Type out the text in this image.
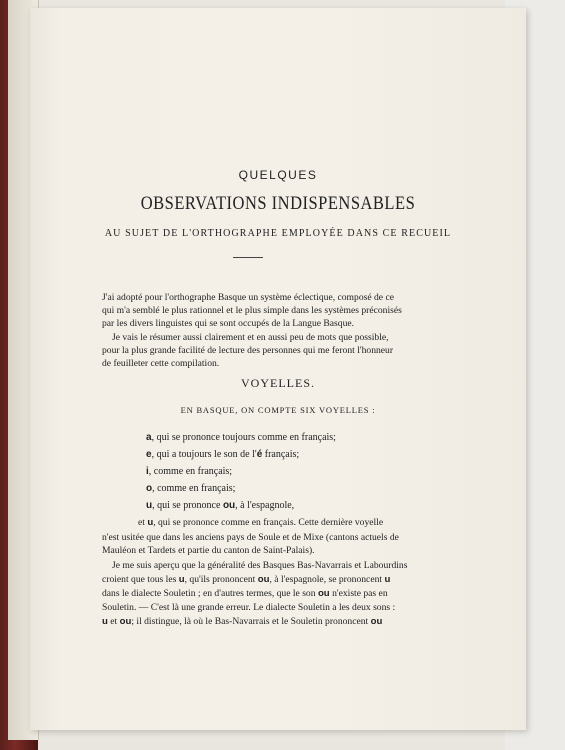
QUELQUES
OBSERVATIONS INDISPENSABLES
AU SUJET DE L'ORTHOGRAPHE EMPLOYÉE DANS CE RECUEIL
J'ai adopté pour l'orthographe Basque un système éclectique, composé de ce
qui m'a semblé le plus rationnel et le plus simple dans les systèmes préconisés
par les divers linguistes qui se sont occupés de la Langue Basque.
Je vais le résumer aussi clairement et en aussi peu de mots que possible,
pour la plus grande facilité de lecture des personnes qui me feront l'honneur
de feuilleter cette compilation.
VOYELLES.
EN BASQUE, ON COMPTE SIX VOYELLES :
a, qui se prononce toujours comme en français;
e, qui a toujours le son de l'é français;
i, comme en français;
o, comme en français;
u, qui se prononce ou, à l'espagnole,
et u, qui se prononce comme en français. Cette dernière voyelle
n'est usitée que dans les anciens pays de Soule et de Mixe (cantons actuels de
Mauléon et Tardets et partie du canton de Saint-Palais).
Je me suis aperçu que la généralité des Basques Bas-Navarrais et Labourdins
croient que tous les u, qu'ils prononcent ou, à l'espagnole, se prononcent u
dans le dialecte Souletin ; en d'autres termes, que le son ou n'existe pas en
Souletin. — C'est là une grande erreur. Le dialecte Souletin a les deux sons :
u et ou; il distingue, là où le Bas-Navarrais et le Souletin prononcent ou
